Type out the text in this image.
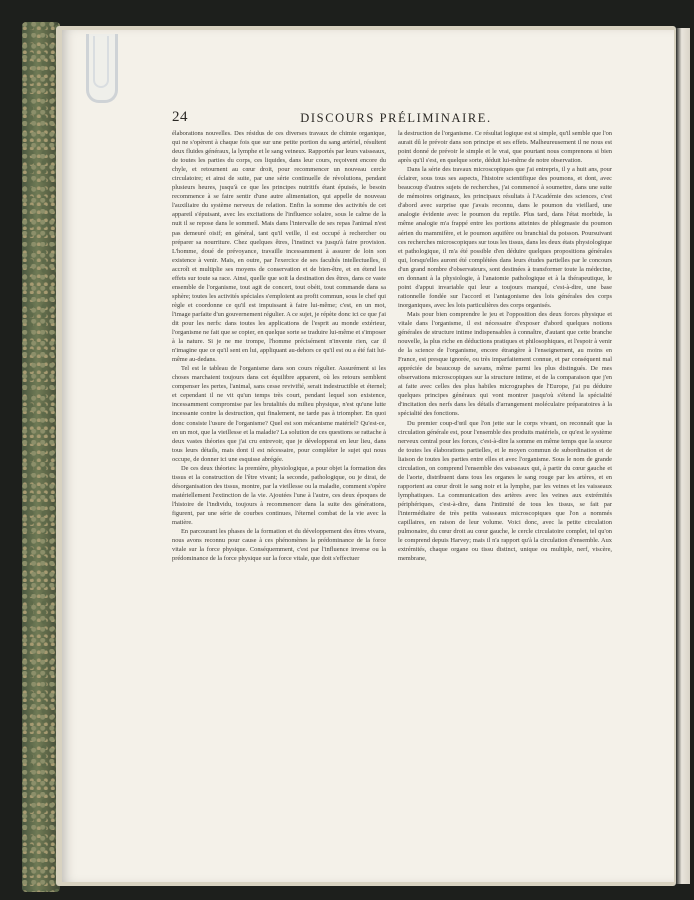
24	DISCOURS PRÉLIMINAIRE.

élaborations nouvelles. Des résidus de ces diverses travaux de chimie organique, qui ne s'opèrent à chaque fois que sur une petite portion du sang artériel, résultent deux fluides généraux, la lymphe et le sang veineux. Rapportés par leurs vaisseaux, de toutes les parties du corps, ces liquides, dans leur cours, reçoivent encore du chyle, et retournent au cœur droit, pour recommencer un nouveau cercle circulatoire; et ainsi de suite, par une série continuelle de révolutions, pendant plusieurs heures, jusqu'à ce que les principes nutritifs étant épuisés, le besoin recommence à se faire sentir d'une autre alimentation, qui appelle de nouveau l'auxiliaire du système nerveux de relation. Enfin la somme des activités de cet appareil s'épuisant, avec les excitations de l'influence solaire, sous le calme de la nuit il se repose dans le sommeil. Mais dans l'intervalle de ses repas l'animal n'est pas demeuré oisif; en général, tant qu'il veille, il est occupé à rechercher ou préparer sa nourriture. Chez quelques êtres, l'instinct va jusqu'à faire provision. L'homme, doué de prévoyance, travaille incessamment à assurer de loin son existence à venir. Mais, en outre, par l'exercice de ses facultés intellectuelles, il accroît et multiplie ses moyens de conservation et de bien-être, et en étend les effets sur toute sa race. Ainsi, quelle que soit la destination des êtres, dans ce vaste ensemble de l'organisme, tout agit de concert, tout obéit, tout commande dans sa sphère; toutes les activités spéciales s'emploient au profit commun, sous le chef qui règle et coordonne ce qu'il est impuissant à faire lui-même; c'est, en un mot, l'image parfaite d'un gouvernement régulier. A ce sujet, je répète donc ici ce que j'ai dit pour les nerfs: dans toutes les applications de l'esprit au monde extérieur, l'organisme ne fait que se copier, en quelque sorte se traduire lui-même et s'imposer à la nature. Si je ne me trompe, l'homme précisément n'invente rien, car il n'imagine que ce qu'il sent en lui, appliquant au-dehors ce qu'il est ou a été fait lui-même au-dedans.

Tel est le tableau de l'organisme dans son cours régulier. Assurément si les choses marchaient toujours dans cet équilibre apparent, où les retours semblent compenser les pertes, l'animal, sans cesse revivifié, serait indestructible et éternel; et cependant il ne vit qu'un temps très court, pendant lequel son existence, incessamment compromise par les brutalités du milieu physique, n'est qu'une lutte incessante contre la destruction, qui finalement, ne tarde pas à triompher. En quoi donc consiste l'usure de l'organisme? Quel est son mécanisme matériel? Qu'est-ce, en un mot, que la vieillesse et la maladie? La solution de ces questions se rattache à deux vastes théories que j'ai cru entrevoir, que je développerai en leur lieu, dans tous leurs détails, mais dont il est nécessaire, pour compléter le sujet qui nous occupe, de donner ici une esquisse abrégée.

De ces deux théories: la première, physiologique, a pour objet la formation des tissus et la construction de l'être vivant; la seconde, pathologique, ou je dirai, de désorganisation des tissus, montre, par la vieillesse ou la maladie, comment s'opère matériellement l'extinction de la vie. Ajoutées l'une à l'autre, ces deux époques de l'histoire de l'individu, toujours à recommencer dans la suite des générations, figurent, par une série de courbes continues, l'éternel combat de la vie avec la matière.

En parcourant les phases de la formation et du développement des êtres vivans, nous avons reconnu pour cause à ces phénomènes la prédominance de la force vitale sur la force physique. Conséquemment, c'est par l'influence inverse ou la prédominance de la force physique sur la force vitale, que doit s'effectuer

la destruction de l'organisme. Ce résultat logique est si simple, qu'il semble que l'on aurait dû le prévoir dans son principe et ses effets. Malheureusement il ne nous est point donné de prévoir le simple et le vrai, que pourtant nous comprenons si bien après qu'il s'est, en quelque sorte, déduit lui-même de notre observation.

Dans la série des travaux microscopiques que j'ai entrepris, il y a huit ans, pour éclairer, sous tous ses aspects, l'histoire scientifique des poumons, et dont, avec beaucoup d'autres sujets de recherches, j'ai commencé à soumettre, dans une suite de mémoires originaux, les principaux résultats à l'Académie des sciences, c'est d'abord avec surprise que j'avais reconnu, dans le poumon du vieillard, une analogie évidente avec le poumon du reptile. Plus tard, dans l'état morbide, la même analogie m'a frappé entre les portions atteintes de phlegmasie du poumon aérien du mammifère, et le poumon aquifère ou branchial du poisson. Poursuivant ces recherches microscopiques sur tous les tissus, dans les deux états physiologique et pathologique, il m'a été possible d'en déduire quelques propositions générales qui, lorsqu'elles auront été complétées dans leurs études partielles par le concours d'un grand nombre d'observateurs, sont destinées à transformer toute la médecine, en donnant à la physiologie, à l'anatomie pathologique et à la thérapeutique, le point d'appui invariable qui leur a toujours manqué, c'est-à-dire, une base rationnelle fondée sur l'accord et l'antagonisme des lois générales des corps inorganiques, avec les lois particulières des corps organisés.

Mais pour bien comprendre le jeu et l'opposition des deux forces physique et vitale dans l'organisme, il est nécessaire d'exposer d'abord quelques notions générales de structure intime indispensables à connaître, d'autant que cette branche nouvelle, la plus riche en déductions pratiques et philosophiques, et l'espoir à venir de la science de l'organisme, encore étrangère à l'enseignement, au moins en France, est presque ignorée, ou très imparfaitement connue, et par conséquent mal appréciée de beaucoup de savans, même parmi les plus distingués. De mes observations microscopiques sur la structure intime, et de la comparaison que j'en ai faite avec celles des plus habiles micrographes de l'Europe, j'ai pu déduire quelques principes généraux qui vont montrer jusqu'où s'étend la spécialité d'incitation des nerfs dans les détails d'arrangement moléculaire préparatoires à la spécialité des fonctions.

Du premier coup-d'œil que l'on jette sur le corps vivant, on reconnaît que la circulation générale est, pour l'ensemble des produits matériels, ce qu'est le système nerveux central pour les forces, c'est-à-dire la somme en même temps que la source de toutes les élaborations partielles, et le moyen commun de subordination et de liaison de toutes les parties entre elles et avec l'organisme. Sous le nom de grande circulation, on comprend l'ensemble des vaisseaux qui, à partir du cœur gauche et de l'aorte, distribuent dans tous les organes le sang rouge par les artères, et en rapportent au cœur droit le sang noir et la lymphe, par les veines et les vaisseaux lymphatiques. La communication des artères avec les veines aux extrémités périphériques, c'est-à-dire, dans l'intimité de tous les tissus, se fait par l'intermédiaire de très petits vaisseaux microscopiques que l'on a nommés capillaires, en raison de leur volume. Voici donc, avec la petite circulation pulmonaire, du cœur droit au cœur gauche, le cercle circulatoire complet, tel qu'on le comprend depuis Harvey; mais il n'a rapport qu'à la circulation d'ensemble. Aux extrémités, chaque organe ou tissu distinct, unique ou multiple, nerf, viscère, membrane,
